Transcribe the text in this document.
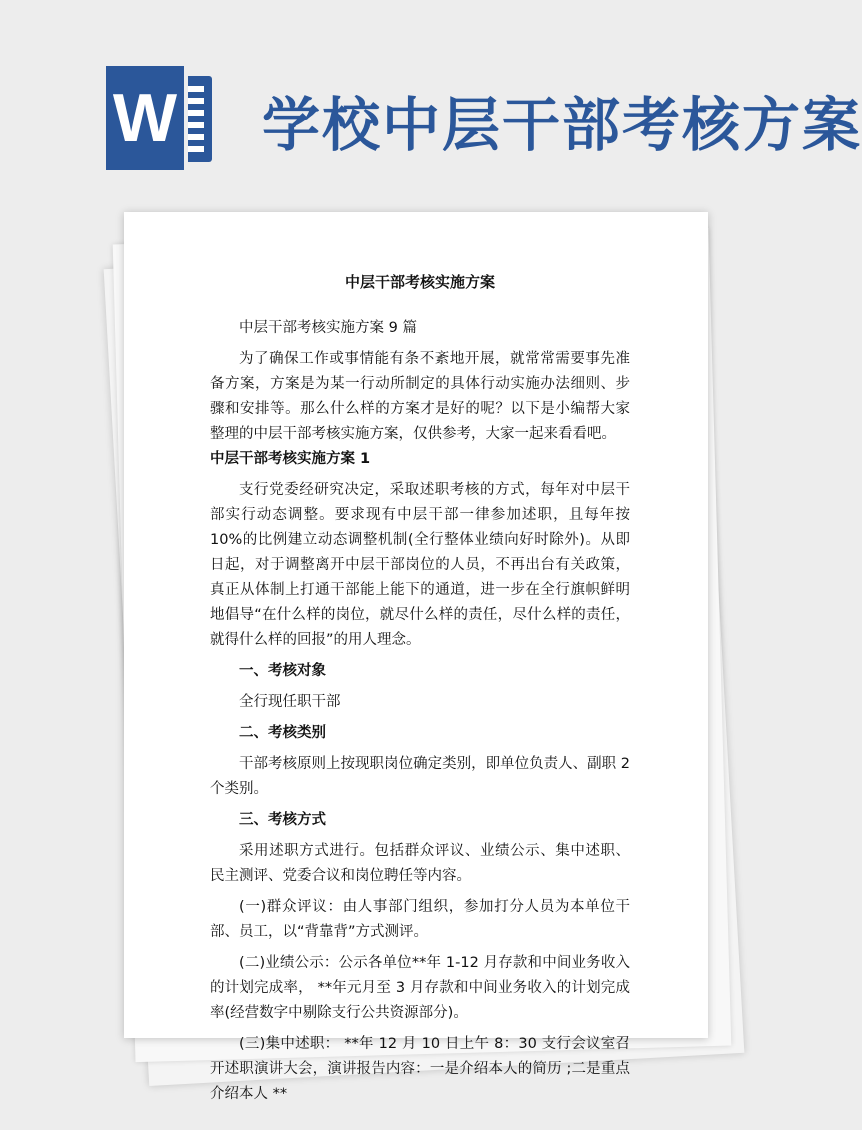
W 学校中层干部考核方案
中层干部考核实施方案

中层干部考核实施方案 9 篇

为了确保工作或事情能有条不紊地开展，就常常需要事先准备方案，方案是为某一行动所制定的具体行动实施办法细则、步骤和安排等。那么什么样的方案才是好的呢？以下是小编帮大家整理的中层干部考核实施方案，仅供参考，大家一起来看看吧。

中层干部考核实施方案 1

支行党委经研究决定，采取述职考核的方式，每年对中层干部实行动态调整。要求现有中层干部一律参加述职，且每年按 10%的比例建立动态调整机制(全行整体业绩向好时除外)。从即日起，对于调整离开中层干部岗位的人员，不再出台有关政策，真正从体制上打通干部能上能下的通道，进一步在全行旗帜鲜明地倡导“在什么样的岗位，就尽什么样的责任，尽什么样的责任，就得什么样的回报”的用人理念。

一、考核对象

全行现任职干部

二、考核类别

干部考核原则上按现职岗位确定类别，即单位负责人、副职 2 个类别。

三、考核方式

采用述职方式进行。包括群众评议、业绩公示、集中述职、民主测评、党委合议和岗位聘任等内容。

(一)群众评议：由人事部门组织，参加打分人员为本单位干部、员工，以“背靠背”方式测评。

(二)业绩公示：公示各单位**年 1-12 月存款和中间业务收入的计划完成率， **年元月至 3 月存款和中间业务收入的计划完成率(经营数字中剔除支行公共资源部分)。

(三)集中述职： **年 12 月 10 日上午 8：30 支行会议室召开述职演讲大会，演讲报告内容：一是介绍本人的简历 ;二是重点介绍本人 **
